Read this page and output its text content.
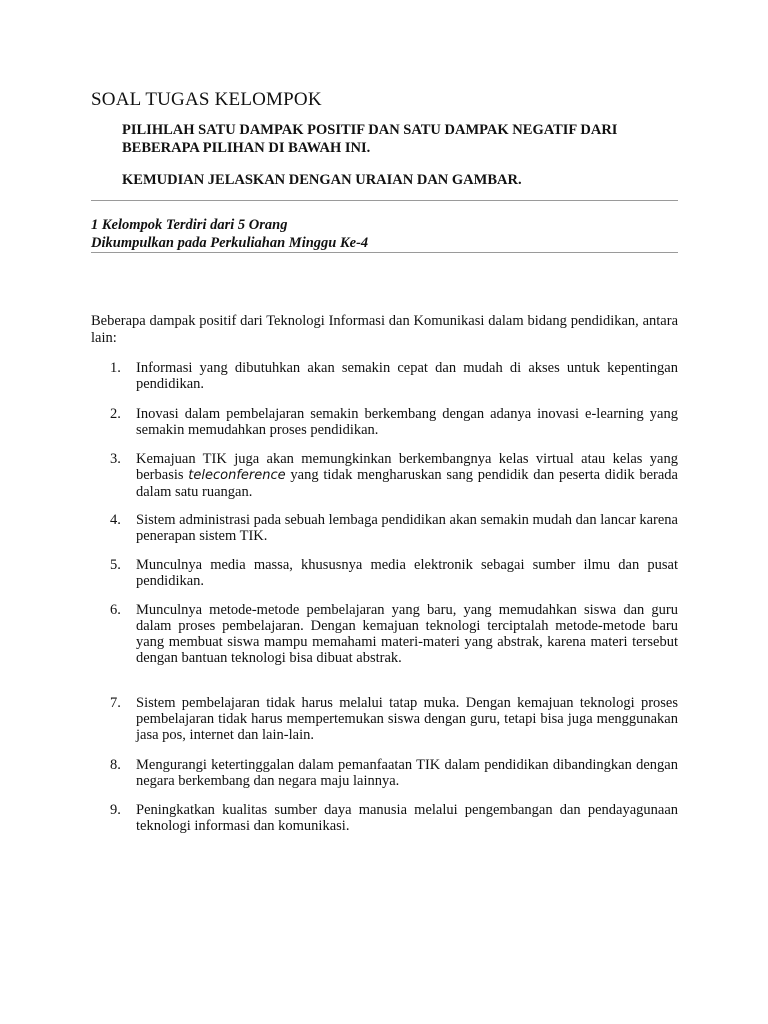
SOAL TUGAS KELOMPOK

PILIHLAH SATU DAMPAK POSITIF DAN SATU DAMPAK NEGATIF DARI BEBERAPA PILIHAN DI BAWAH INI.

KEMUDIAN JELASKAN DENGAN URAIAN DAN GAMBAR.

1 Kelompok Terdiri dari 5 Orang
Dikumpulkan pada Perkuliahan Minggu Ke-4

Beberapa dampak positif dari Teknologi Informasi dan Komunikasi dalam bidang pendidikan, antara lain:

1.	Informasi yang dibutuhkan akan semakin cepat dan mudah di akses untuk kepentingan pendidikan.
2.	Inovasi dalam pembelajaran semakin berkembang dengan adanya inovasi e-learning yang semakin memudahkan proses pendidikan.
3.	Kemajuan TIK juga akan memungkinkan berkembangnya kelas virtual atau kelas yang berbasis teleconference yang tidak mengharuskan sang pendidik dan peserta didik berada dalam satu ruangan.
4.	Sistem administrasi pada sebuah lembaga pendidikan akan semakin mudah dan lancar karena penerapan sistem TIK.
5.	Munculnya media massa, khususnya media elektronik sebagai sumber ilmu dan pusat pendidikan.
6.	Munculnya metode-metode pembelajaran yang baru, yang memudahkan siswa dan guru dalam proses pembelajaran. Dengan kemajuan teknologi terciptalah metode-metode baru yang membuat siswa mampu memahami materi-materi yang abstrak, karena materi tersebut dengan bantuan teknologi bisa dibuat abstrak.
7.	Sistem pembelajaran tidak harus melalui tatap muka. Dengan kemajuan teknologi proses pembelajaran tidak harus mempertemukan siswa dengan guru, tetapi bisa juga menggunakan jasa pos, internet dan lain-lain.
8.	Mengurangi ketertinggalan dalam pemanfaatan TIK dalam pendidikan dibandingkan dengan negara berkembang dan negara maju lainnya.
9.	Peningkatkan kualitas sumber daya manusia melalui pengembangan dan pendayagunaan teknologi informasi dan komunikasi.
